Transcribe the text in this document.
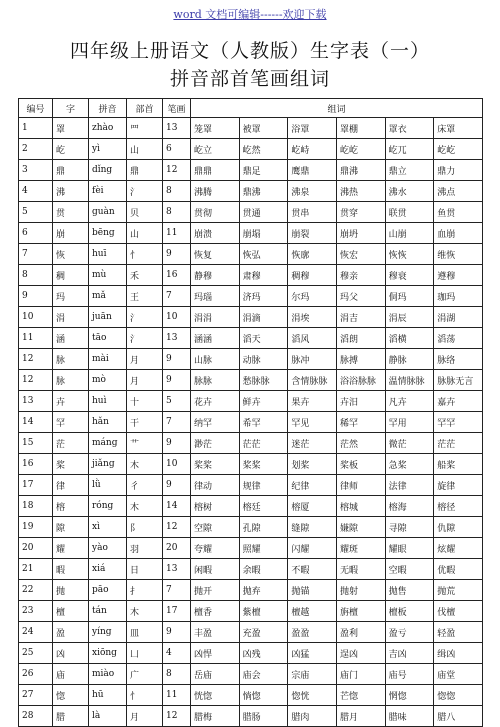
word 文档可编辑------欢迎下载
四年级上册语文（人教版）生字表（一）
拼音部首笔画组词
编号	字	拼音	部首	笔画	组词					
1	罩	zhào	罒	13	笼罩	被罩	浴罩	罩棚	罩衣	床罩
2	屹	yì	山	6	屹立	屹然	屹峙	屹屹	屹兀	屹屹
3	鼎	dǐng	鼎	12	鼎鼎	鼎足	鹰鼎	鼎沸	鼎立	鼎力
4	沸	fèi	氵	8	沸腾	鼎沸	沸泉	沸热	沸水	沸点
5	贯	guàn	贝	8	贯彻	贯通	贯串	贯穿	联贯	鱼贯
6	崩	bēng	山	11	崩溃	崩塌	崩裂	崩坍	山崩	血崩
7	恢	huī	忄	9	恢复	恢弘	恢廓	恢宏	恢恢	维恢
8	稠	mù	禾	16	静穆	肃穆	稠穆	穆亲	穆衰	遵穆
9	玛	mǎ	王	7	玛瑙	济玛	尔玛	玛父	侗玛	珈玛
10	涓	juān	氵	10	涓涓	涓滴	涓埃	涓吉	涓辰	涓湖
11	涵	tāo	氵	13	涵涵	滔天	滔风	滔朗	滔横	滔荡
12	脉	mài	月	9	山脉	动脉	脉冲	脉搏	静脉	脉络
12	脉	mò	月	9	脉脉	愁脉脉	含情脉脉	浴浴脉脉	温情脉脉	脉脉无言
13	卉	huì	十	5	花卉	鲜卉	果卉	卉汨	凡卉	嘉卉
14	罕	hǎn	干	7	纳罕	希罕	罕见	稀罕	罕用	罕罕
15	茫	máng	艹	9	渺茫	茫茫	迷茫	茫然	微茫	茫茫
16	桨	jiǎng	木	10	桨桨	桨桨	划桨	桨板	急桨	船桨
17	律	lǜ	彳	9	律动	规律	纪律	律师	法律	旋律
18	榕	róng	木	14	榕树	榕廷	榕厦	榕城	榕海	榕径
19	隙	xì	阝	12	空隙	孔隙	缝隙	嫌隙	寻隙	仇隙
20	耀	yào	羽	20	夸耀	照耀	闪耀	耀斑	耀眼	炫耀
21	暇	xiá	日	13	闲暇	余暇	不暇	无暇	空暇	优暇
22	抛	pāo	扌	7	抛开	抛弃	抛锚	抛射	抛售	抛荒
23	檀	tán	木	17	檀香	紫檀	檀越	旃檀	檀板	伐檀
24	盈	yíng	皿	9	丰盈	充盈	盈盈	盈利	盈亏	轻盈
25	凶	xiōng	凵	4	凶悍	凶残	凶猛	逞凶	吉凶	缉凶
26	庙	miào	广	8	岳庙	庙会	宗庙	庙门	庙号	庙堂
27	惚	hū	忄	11	恍惚	惝惚	惚恍	芒惚	惘惚	惚惚
28	腊	là	月	12	腊梅	腊肠	腊肉	腊月	腊味	腊八
